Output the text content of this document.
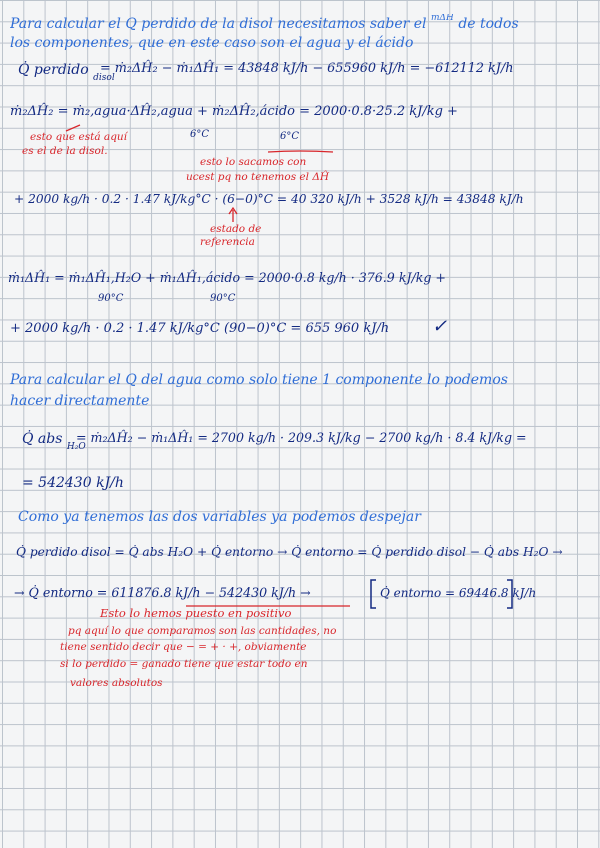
Para calcular el Q perdido de la disol necesitamos saber el $^{ṁ\Delta Ĥ}$ de todos
los componentes, que en este caso son el agua y el ácido
Q̇ perdido $_{disol}$
= ṁ₂ΔĤ₂ − ṁ₁ΔĤ₁ = 43848 kJ/h − 655960 kJ/h = −612112 kJ/h
ṁ₂ΔĤ₂ = ṁ₂,agua·ΔĤ₂,agua + ṁ₂ΔĤ₂,ácido = 2000·0.8·25.2 kJ/kg +
6°C	6°C
esto que está aquí
es el de la disol.
esto lo sacamos con
ucest pq no tenemos el ΔĤ
+ 2000 kg/h · 0.2 · 1.47 kJ/kg°C · (6−0)°C = 40 320 kJ/h + 3528 kJ/h = 43848 kJ/h
estado de
referencia
ṁ₁ΔĤ₁ = ṁ₁ΔĤ₁,H₂O + ṁ₁ΔĤ₁,ácido = 2000·0.8 kg/h · 376.9 kJ/kg +
90°C	90°C
+ 2000 kg/h · 0.2 · 1.47 kJ/kg°C (90−0)°C = 655 960 kJ/h ✓
Para calcular el Q del agua como solo tiene 1 componente lo podemos
hacer directamente
Q̇ abs $_{H_2O}$
= ṁ₂ΔĤ₂ − ṁ₁ΔĤ₁ = 2700 kg/h · 209.3 kJ/kg − 2700 kg/h · 8.4 kJ/kg =
= 542430 kJ/h
Como ya tenemos las dos variables ya podemos despejar
Q̇ perdido disol = Q̇ abs H₂O + Q̇ entorno → Q̇ entorno = Q̇ perdido disol − Q̇ abs H₂O →
→ Q̇ entorno = 611876.8 kJ/h − 542430 kJ/h →	Q̇ entorno = 69446.8 kJ/h
Esto lo hemos puesto en positivo
pq aquí lo que comparamos son las cantidades, no
tiene sentido decir que − = + · +, obviamente
si lo perdido = ganado tiene que estar todo en
valores absolutos
